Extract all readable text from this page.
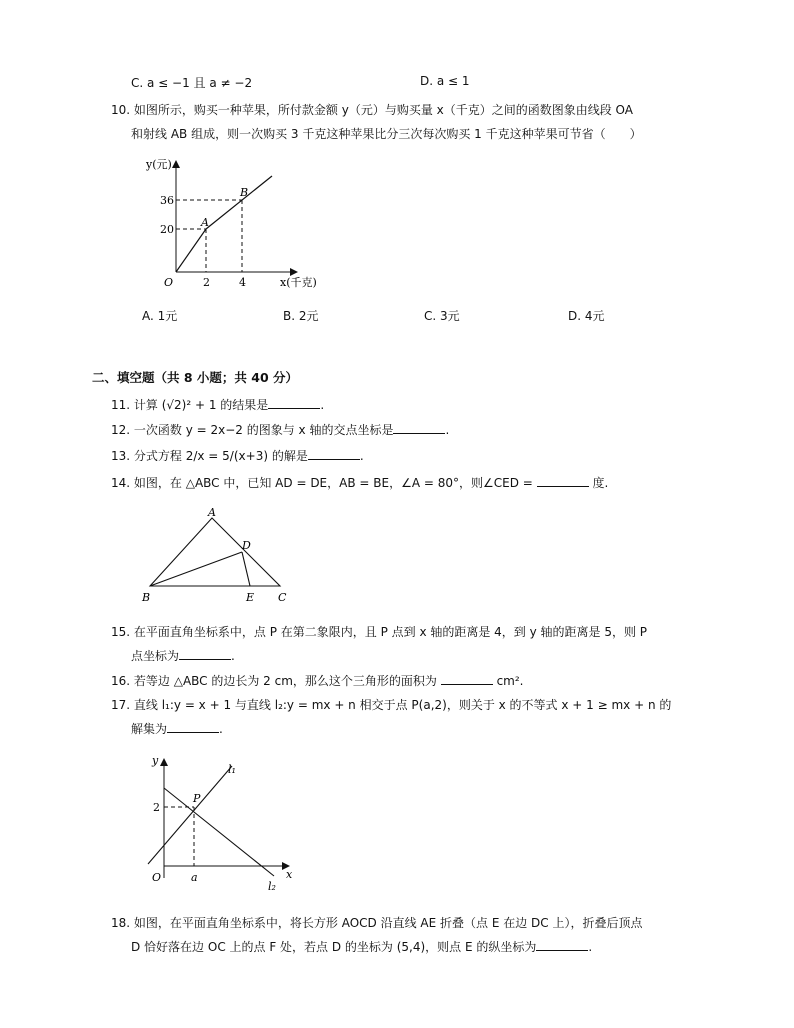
C. a ≤ −1 且 a ≠ −2	D. a ≤ 1
10. 如图所示，购买一种苹果，所付款金额 y（元）与购买量 x（千克）之间的函数图象由线段 OA
和射线 AB 组成，则一次购买 3 千克这种苹果比分三次每次购买 1 千克这种苹果可节省（　　）
y(元)
x(千克)
O	2	4
20
36
A
B
A. 1元	B. 2元	C. 3元	D. 4元
二、填空题（共 8 小题；共 40 分）
11. 计算 (√2)² + 1 的结果是	.
12. 一次函数 y = 2x−2 的图象与 x 轴的交点坐标是	.
13. 分式方程 2/x = 5/(x+3) 的解是	.
14. 如图，在 △ABC 中，已知 AD = DE，AB = BE，∠A = 80°，则∠CED =	度.
A
B	C
D
E
15. 在平面直角坐标系中，点 P 在第二象限内，且 P 点到 x 轴的距离是 4，到 y 轴的距离是 5，则 P
点坐标为	.
16. 若等边 △ABC 的边长为 2 cm，那么这个三角形的面积为	cm².
17. 直线 l₁:y = x + 1 与直线 l₂:y = mx + n 相交于点 P(a,2)，则关于 x 的不等式 x + 1 ≥ mx + n 的
解集为	.
y
x
O
2
a
P
l₁
l₂
18. 如图，在平面直角坐标系中，将长方形 AOCD 沿直线 AE 折叠（点 E 在边 DC 上），折叠后顶点
D 恰好落在边 OC 上的点 F 处，若点 D 的坐标为 (5,4)，则点 E 的纵坐标为	.
